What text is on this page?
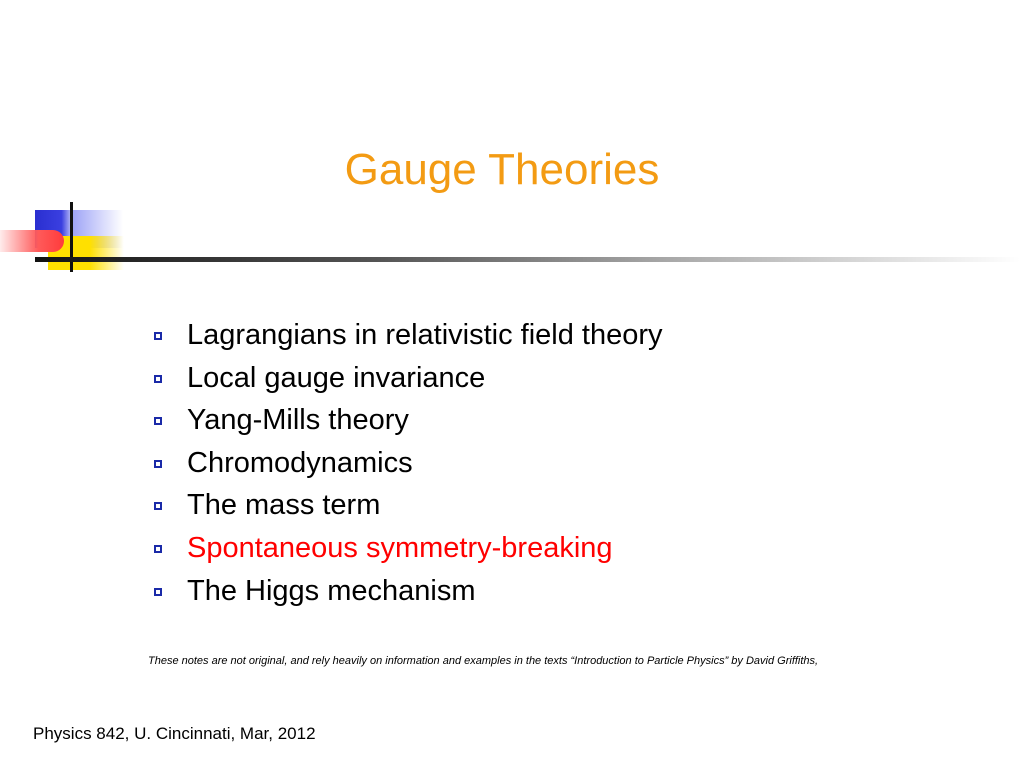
Gauge Theories
Lagrangians in relativistic field theory
Local gauge invariance
Yang-Mills theory
Chromodynamics
The mass term
Spontaneous symmetry-breaking
The Higgs mechanism
These notes are not original, and rely heavily on information and examples in the texts “Introduction to Particle Physics” by David Griffiths,
Physics 842, U. Cincinnati, Mar, 2012
